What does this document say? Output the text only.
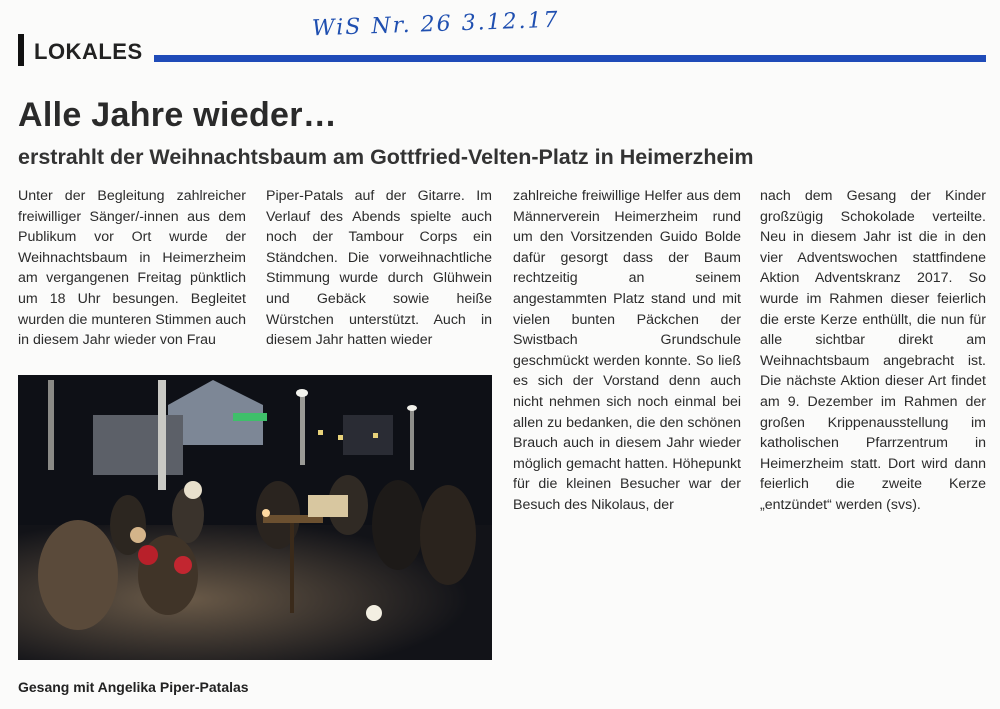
WiS Nr. 26 3.12.17
LOKALES
Alle Jahre wieder…
erstrahlt der Weihnachtsbaum am Gottfried-Velten-Platz in Heimerzheim

Unter der Begleitung zahlreicher freiwilliger Sänger/-innen aus dem Publikum vor Ort wurde der Weihnachtsbaum in Heimerzheim am vergangenen Freitag pünktlich um 18 Uhr besungen. Begleitet wurden die munteren Stimmen auch in diesem Jahr wieder von Frau

Piper-Patals auf der Gitarre. Im Verlauf des Abends spielte auch noch der Tambour Corps ein Ständchen. Die vorweihnachtliche Stimmung wurde durch Glühwein und Gebäck sowie heiße Würstchen unterstützt. Auch in diesem Jahr hatten wieder

zahlreiche freiwillige Helfer aus dem Männerverein Heimerzheim rund um den Vorsitzenden Guido Bolde dafür gesorgt dass der Baum rechtzeitig an seinem angestammten Platz stand und mit vielen bunten Päckchen der Swistbach Grundschule geschmückt werden konnte. So ließ es sich der Vorstand denn auch nicht nehmen sich noch einmal bei allen zu bedanken, die den schönen Brauch auch in diesem Jahr wieder möglich gemacht hatten. Höhepunkt für die kleinen Besucher war der Besuch des Nikolaus, der

nach dem Gesang der Kinder großzügig Schokolade verteilte. Neu in diesem Jahr ist die in den vier Adventswochen stattfindene Aktion Adventskranz 2017. So wurde im Rahmen dieser feierlich die erste Kerze enthüllt, die nun für alle sichtbar direkt am Weihnachtsbaum angebracht ist. Die nächste Aktion dieser Art findet am 9. Dezember im Rahmen der großen Krippenausstellung im katholischen Pfarrzentrum in Heimerzheim statt. Dort wird dann feierlich die zweite Kerze „entzündet“ werden (svs).

Gesang mit Angelika Piper-Patalas
